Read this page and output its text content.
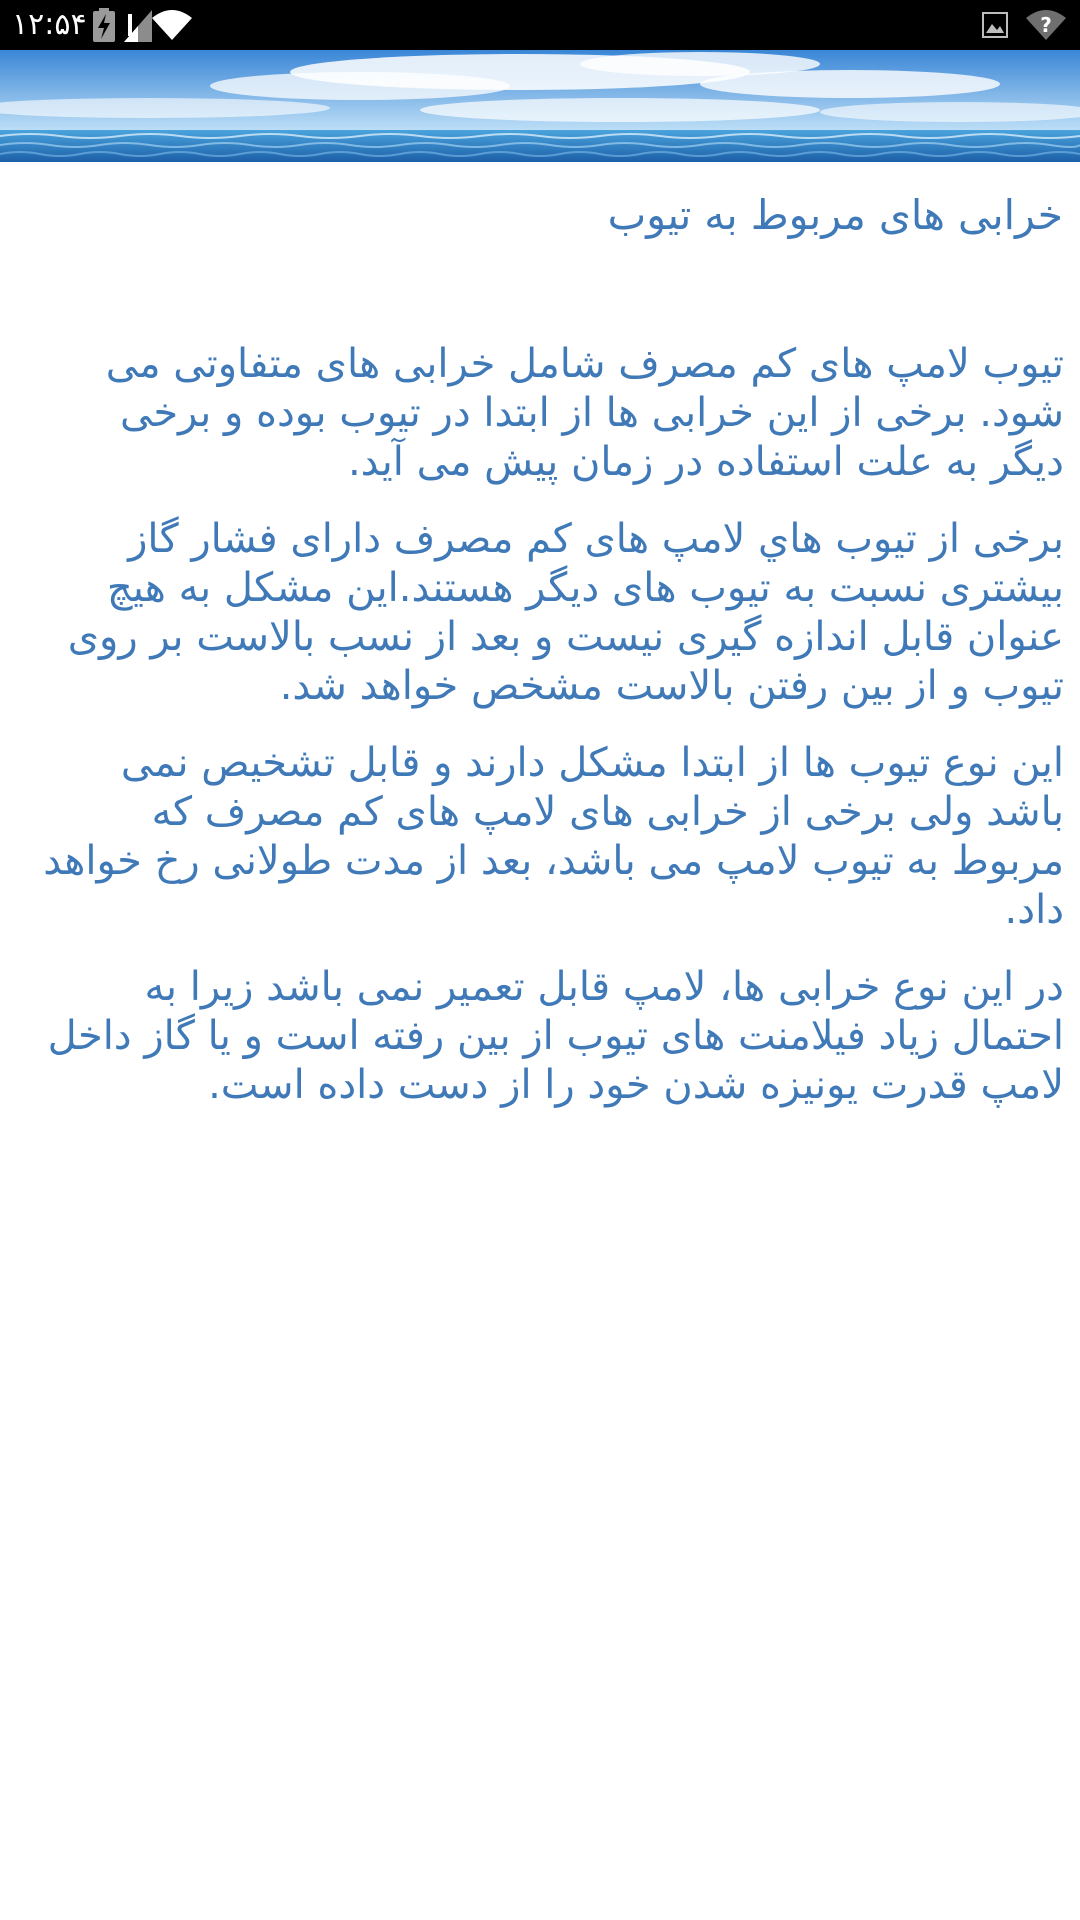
۱۲:۵۴	?
خرابی های مربوط به تیوب

تیوب لامپ های کم مصرف شامل خرابی های متفاوتی می شود. برخی از این خرابی ها از ابتدا در تیوب بوده و برخی دیگر به علت استفاده در زمان پیش می آید.

برخی از تیوب هاي لامپ های کم مصرف دارای فشار گاز بیشتری نسبت به تیوب های دیگر هستند.این مشکل به هیچ عنوان قابل اندازه گیری نیست و بعد از نسب بالاست بر روی تیوب و از بین رفتن بالاست مشخص خواهد شد.

این نوع تیوب ها از ابتدا مشکل دارند و قابل تشخیص نمی باشد ولی برخی از خرابی های لامپ های کم مصرف که مربوط به تیوب لامپ می باشد، بعد از مدت طولانی رخ خواهد داد.

در این نوع خرابی ها، لامپ قابل تعمیر نمی باشد زیرا به احتمال زیاد فیلامنت های تیوب از بین رفته است و یا گاز داخل لامپ قدرت یونیزه شدن خود را از دست داده است.
